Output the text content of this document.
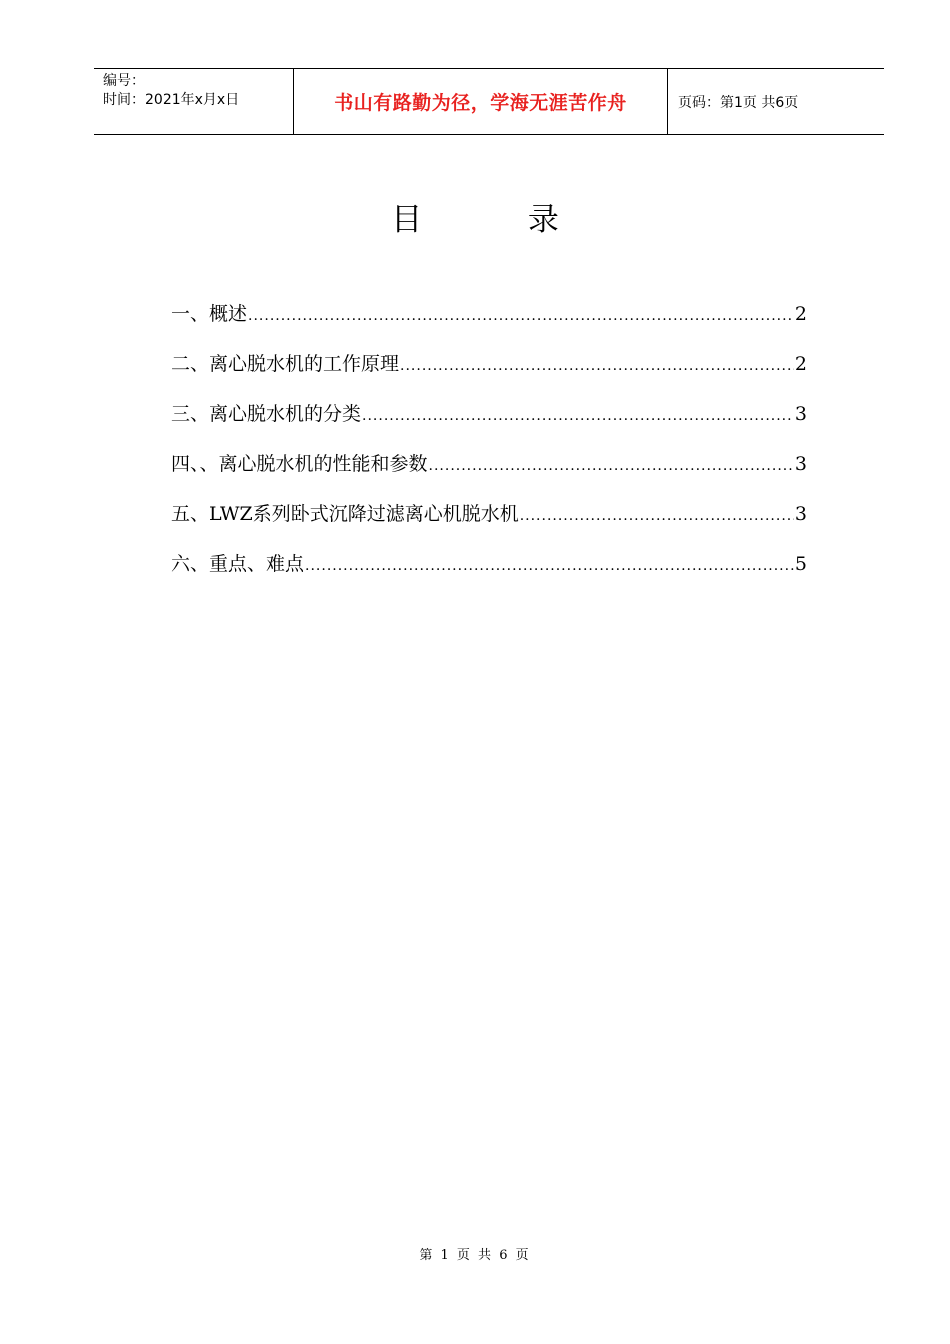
编号：
时间：2021年x月x日	书山有路勤为径，学海无涯苦作舟	页码：第1页 共6页
目 录
一、概述 .....	2
二、离心脱水机的工作原理 .....	2
三、离心脱水机的分类 .....	3
四、、离心脱水机的性能和参数 .....	3
五、LWZ系列卧式沉降过滤离心机脱水机 .....	3
六、重点、难点 .....	5
第 1 页 共 6 页
